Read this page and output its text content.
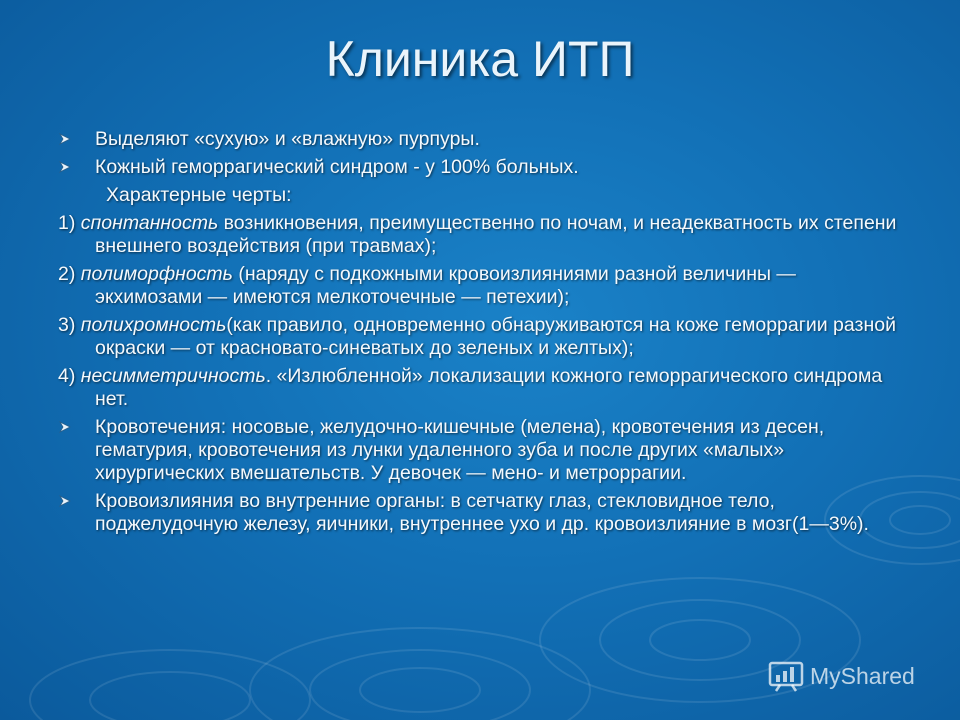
Клиника ИТП
Выделяют «сухую» и «влажную» пурпуры.
Кожный геморрагический синдром - у 100% больных.
Характерные черты:
1) спонтанность возникновения, преимущественно по ночам, и неадекватность их степени внешнего воздействия (при травмах);
2) полиморфность (наряду с подкожными кровоизлияниями разной величины — экхимозами — имеются мелкоточечные — петехии);
3) полихромность(как правило, одновременно обнаруживаются на коже геморрагии разной окраски — от красновато-синеватых до зеленых и желтых);
4) несимметричность. «Излюбленной» локализации кожного геморрагического синдрома нет.
Кровотечения: носовые, желудочно-кишечные (мелена), кровотечения из десен, гематурия, кровотечения из лунки удаленного зуба и после других «малых» хирургических вмешательств. У девочек — мено- и метроррагии.
Кровоизлияния во внутренние органы: в сетчатку глаз, стекловидное тело, поджелудочную железу, яичники, внутреннее ухо и др. кровоизлияние в мозг(1—3%).
MyShared
